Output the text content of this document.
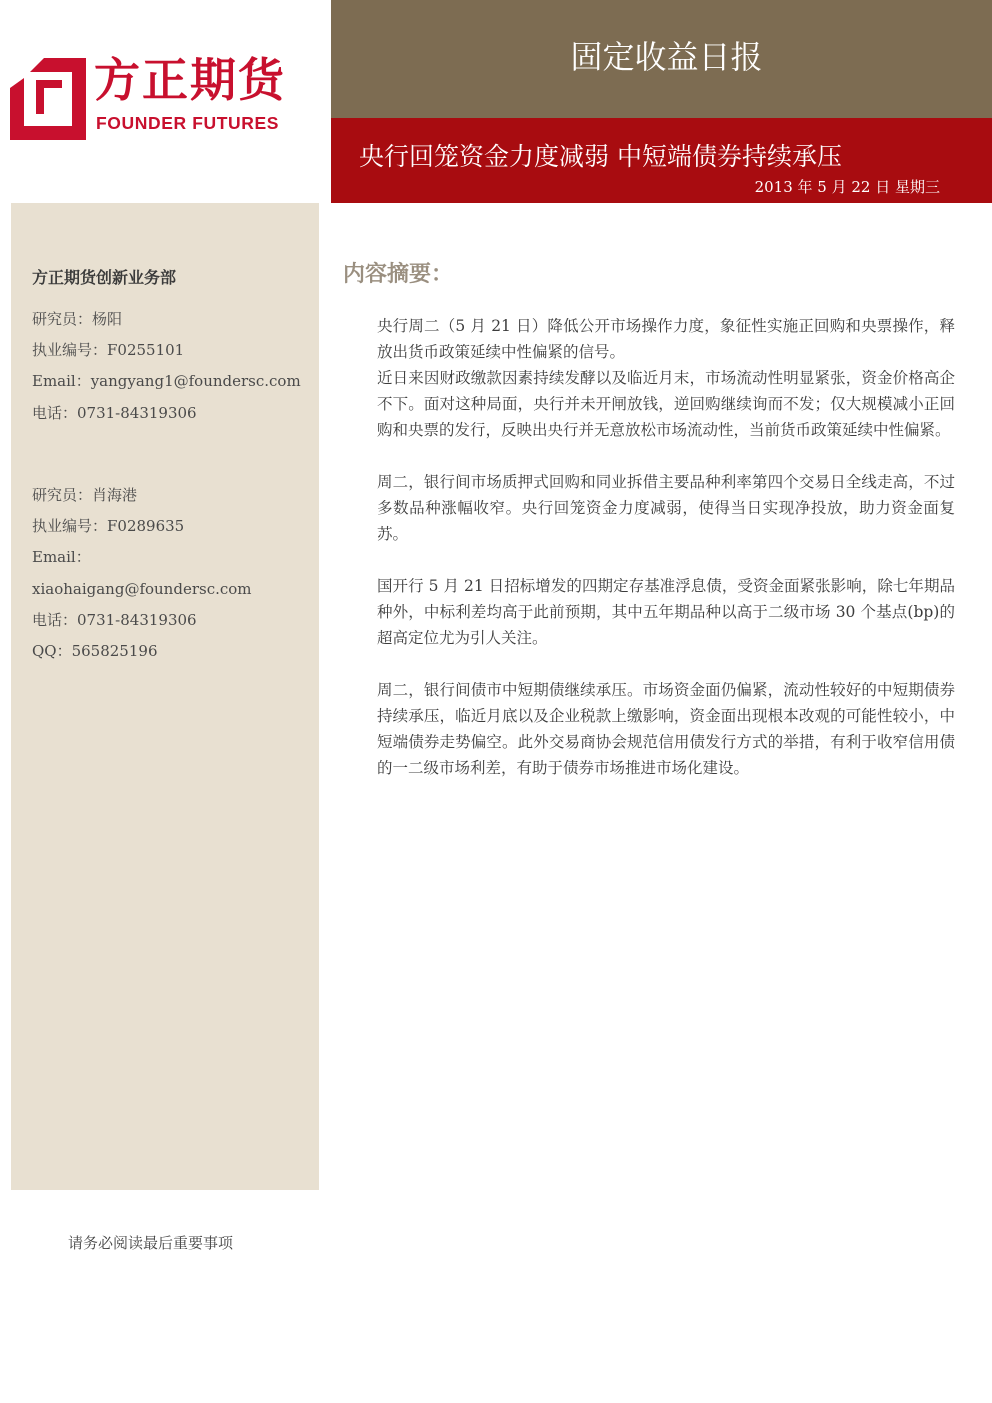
方正期货
FOUNDER FUTURES
固定收益日报
央行回笼资金力度减弱 中短端债券持续承压
2013 年 5 月 22 日 星期三
方正期货创新业务部
研究员：杨阳
执业编号：F0255101
Email：yangyang1@foundersc.com
电话：0731-84319306
研究员：肖海港
执业编号：F0289635
Email：
xiaohaigang@foundersc.com
电话：0731-84319306
QQ：565825196
内容摘要：

央行周二（5 月 21 日）降低公开市场操作力度，象征性实施正回购和央票操作，释放出货币政策延续中性偏紧的信号。

近日来因财政缴款因素持续发酵以及临近月末，市场流动性明显紧张，资金价格高企不下。面对这种局面，央行并未开闸放钱，逆回购继续询而不发；仅大规模减小正回购和央票的发行，反映出央行并无意放松市场流动性，当前货币政策延续中性偏紧。

周二，银行间市场质押式回购和同业拆借主要品种利率第四个交易日全线走高，不过多数品种涨幅收窄。央行回笼资金力度减弱，使得当日实现净投放，助力资金面复苏。

国开行 5 月 21 日招标增发的四期定存基准浮息债，受资金面紧张影响，除七年期品种外，中标利差均高于此前预期，其中五年期品种以高于二级市场 30 个基点(bp)的超高定位尤为引人关注。

周二，银行间债市中短期债继续承压。市场资金面仍偏紧，流动性较好的中短期债券持续承压，临近月底以及企业税款上缴影响，资金面出现根本改观的可能性较小，中短端债券走势偏空。此外交易商协会规范信用债发行方式的举措，有利于收窄信用债的一二级市场利差，有助于债券市场推进市场化建设。

请务必阅读最后重要事项
